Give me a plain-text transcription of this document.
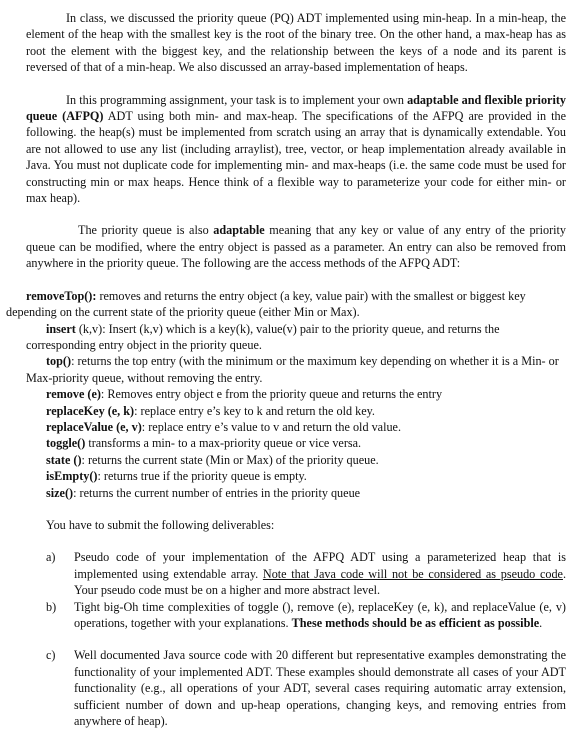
In class, we discussed the priority queue (PQ) ADT implemented using min-heap. In a min-heap, the element of the heap with the smallest key is the root of the binary tree. On the other hand, a max-heap has as root the element with the biggest key, and the relationship between the keys of a node and its parent is reversed of that of a min-heap. We also discussed an array-based implementation of heaps.

In this programming assignment, your task is to implement your own adaptable and flexible priority queue (AFPQ) ADT using both min- and max-heap. The specifications of the AFPQ are provided in the following. the heap(s) must be implemented from scratch using an array that is dynamically extendable. You are not allowed to use any list (including arraylist), tree, vector, or heap implementation already available in Java. You must not duplicate code for implementing min- and max-heaps (i.e. the same code must be used for constructing min or max heaps. Hence think of a flexible way to parameterize your code for either min- or max heap).

The priority queue is also adaptable meaning that any key or value of any entry of the priority queue can be modified, where the entry object is passed as a parameter. An entry can also be removed from anywhere in the priority queue. The following are the access methods of the AFPQ ADT:

removeTop(): removes and returns the entry object (a key, value pair) with the smallest or biggest key depending on the current state of the priority queue (either Min or Max).

insert (k,v): Insert (k,v) which is a key(k), value(v) pair to the priority queue, and returns the corresponding entry object in the priority queue.

top(): returns the top entry (with the minimum or the maximum key depending on whether it is a Min- or Max-priority queue, without removing the entry.

remove (e): Removes entry object e from the priority queue and returns the entry

replaceKey (e, k): replace entry e’s key to k and return the old key.

replaceValue (e, v): replace entry e’s value to v and return the old value.

toggle() transforms a min- to a max-priority queue or vice versa.

state (): returns the current state (Min or Max) of the priority queue.

isEmpty(): returns true if the priority queue is empty.

size(): returns the current number of entries in the priority queue

You have to submit the following deliverables:

a)	Pseudo code of your implementation of the AFPQ ADT using a parameterized heap that is implemented using extendable array. Note that Java code will not be considered as pseudo code. Your pseudo code must be on a higher and more abstract level.
b)	Tight big-Oh time complexities of toggle (), remove (e), replaceKey (e, k), and replaceValue (e, v) operations, together with your explanations. These methods should be as efficient as possible.
c)	Well documented Java source code with 20 different but representative examples demonstrating the functionality of your implemented ADT. These examples should demonstrate all cases of your ADT functionality (e.g., all operations of your ADT, several cases requiring automatic array extension, sufficient number of down and up-heap operations, changing keys, and removing entries from anywhere of heap).
